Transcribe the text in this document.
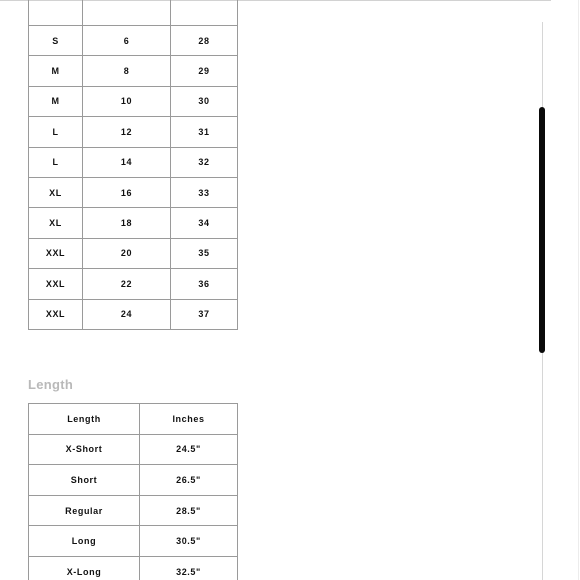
S	6	28
M	8	29
M	10	30
L	12	31
L	14	32
XL	16	33
XL	18	34
XXL	20	35
XXL	22	36
XXL	24	37
Length
Length	Inches
X-Short	24.5"
Short	26.5"
Regular	28.5"
Long	30.5"
X-Long	32.5"
